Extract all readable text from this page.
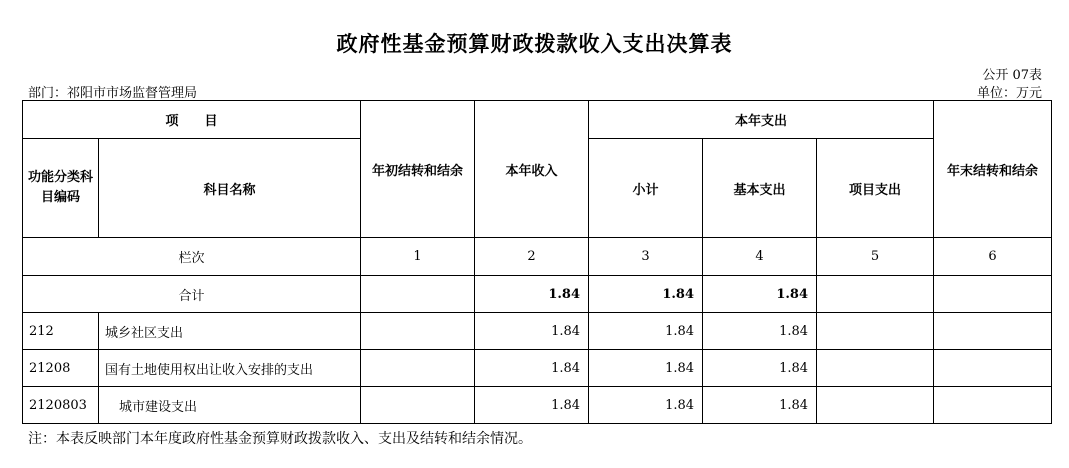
政府性基金预算财政拨款收入支出决算表
公开 07表
部门：祁阳市市场监督管理局	单位：万元
项　　目		年初结转和结余	本年收入	本年支出			年末结转和结余
功能分类科目编码	科目名称			小计	基本支出	项目支出	
栏次		1	2	3	4	5	6
合计			1.84	1.84	1.84		
212	城乡社区支出		1.84	1.84	1.84		
21208	国有土地使用权出让收入安排的支出		1.84	1.84	1.84		
2120803	城市建设支出		1.84	1.84	1.84		
注：本表反映部门本年度政府性基金预算财政拨款收入、支出及结转和结余情况。
